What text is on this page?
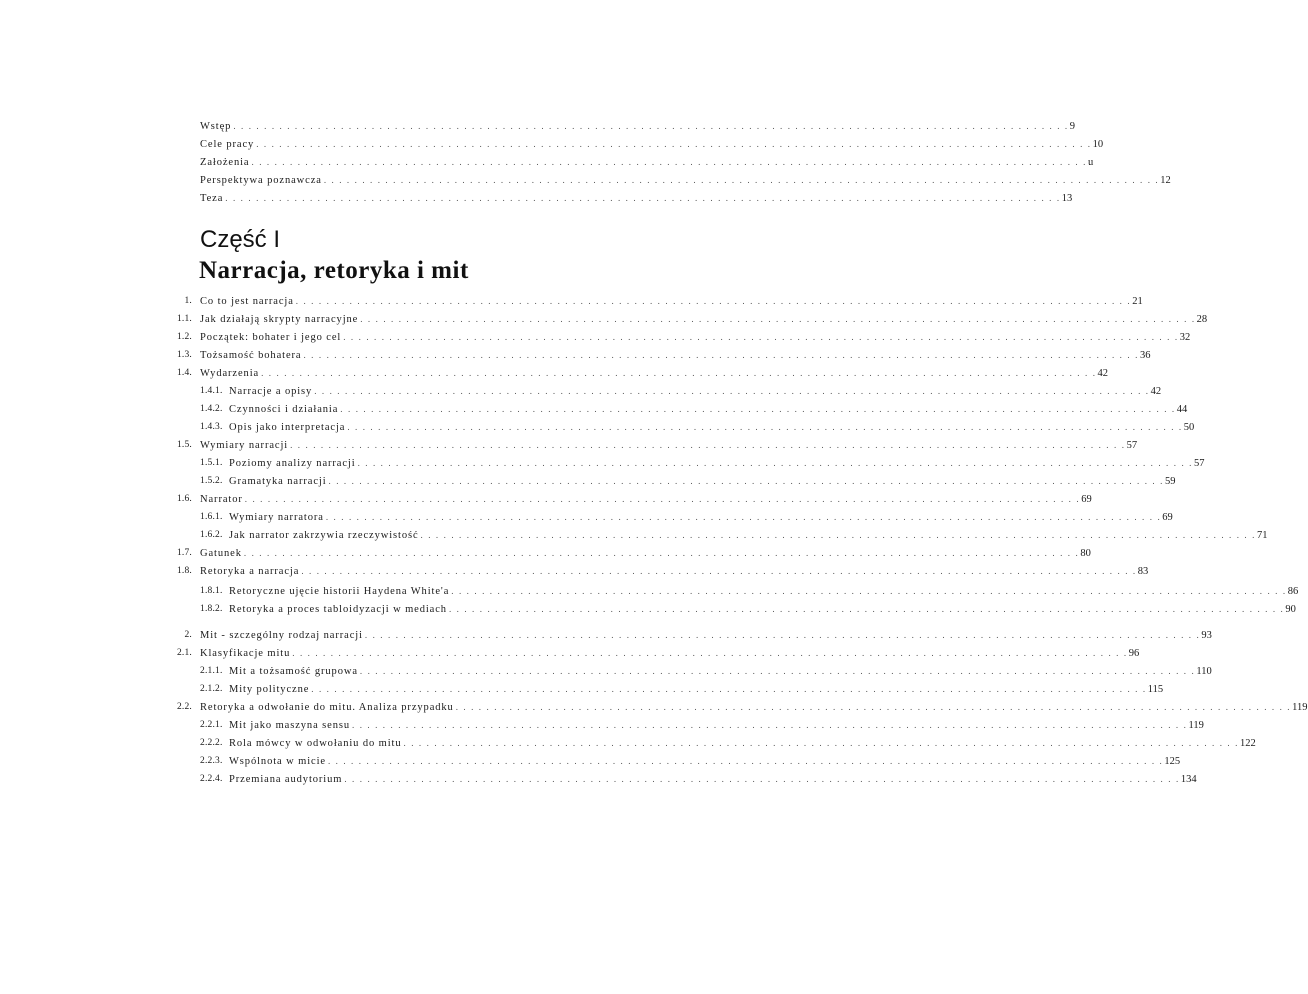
Wstęp . . . . . . . . . . . . . . . . . . . . . . . . . . . . . . . . . . . . . . . . . . . . . . . . . . . . . . . . . . . . . . . . . . . . . . . . . . . . . . . . . . . . . . . . . . . . . . . . . . . . . . . . . . . . . 9
Cele pracy . . . . . . . . . . . . . . . . . . . . . . . . . . . . . . . . . . . . . . . . . . . . . . . . . . . . . . . . . . . . . . . . . . . . . . . . . . . . . . . . . . . . . . . . . . . . . . . . . . . . . . . . . . . . . 10
Założenia . . . . . . . . . . . . . . . . . . . . . . . . . . . . . . . . . . . . . . . . . . . . . . . . . . . . . . . . . . . . . . . . . . . . . . . . . . . . . . . . . . . . . . . . . . . . . . . . . . . . . . . . . . . . . u
Perspektywa poznawcza . . . . . . . . . . . . . . . . . . . . . . . . . . . . . . . . . . . . . . . . . . . . . . . . . . . . . . . . . . . . . . . . . . . . . . . . . . . . . . . . . . . . . . . . . . . . . . . . . . . . . . . . . . . . . 12
Teza . . . . . . . . . . . . . . . . . . . . . . . . . . . . . . . . . . . . . . . . . . . . . . . . . . . . . . . . . . . . . . . . . . . . . . . . . . . . . . . . . . . . . . . . . . . . . . . . . . . . . . . . . . . . . 13
Część I
Narracja, retoryka i mit
1. Co to jest narracja . . . . . . . . . . . . . . . . . . . . . . . . . . . . . . . . . . . . . . . . . . . . . . . . . . . . . . . . . . . . . . . . . . . . . . . . . . . . . . . . . . . . . . . . . . . . . . . . . . . . . . . . . . . . . 21
1.1. Jak działają skrypty narracyjne . . . . . . . . . . . . . . . . . . . . . . . . . . . . . . . . . . . . . . . . . . . . . . . . . . . . . . . . . . . . . . . . . . . . . . . . . . . . . . . . . . . . . . . . . . . . . . . . . . . . . . . . . . . . . 28
1.2. Początek: bohater i jego cel . . . . . . . . . . . . . . . . . . . . . . . . . . . . . . . . . . . . . . . . . . . . . . . . . . . . . . . . . . . . . . . . . . . . . . . . . . . . . . . . . . . . . . . . . . . . . . . . . . . . . . . . . . . . . 32
1.3. Tożsamość bohatera . . . . . . . . . . . . . . . . . . . . . . . . . . . . . . . . . . . . . . . . . . . . . . . . . . . . . . . . . . . . . . . . . . . . . . . . . . . . . . . . . . . . . . . . . . . . . . . . . . . . . . . . . . . . . 36
1.4. Wydarzenia . . . . . . . . . . . . . . . . . . . . . . . . . . . . . . . . . . . . . . . . . . . . . . . . . . . . . . . . . . . . . . . . . . . . . . . . . . . . . . . . . . . . . . . . . . . . . . . . . . . . . . . . . . . . . 42
1.4.1. Narracje a opisy . . . . . . . . . . . . . . . . . . . . . . . . . . . . . . . . . . . . . . . . . . . . . . . . . . . . . . . . . . . . . . . . . . . . . . . . . . . . . . . . . . . . . . . . . . . . . . . . . . . . . . . . . . . . . 42
1.4.2. Czynności i działania . . . . . . . . . . . . . . . . . . . . . . . . . . . . . . . . . . . . . . . . . . . . . . . . . . . . . . . . . . . . . . . . . . . . . . . . . . . . . . . . . . . . . . . . . . . . . . . . . . . . . . . . . . . . . 44
1.4.3. Opis jako interpretacja . . . . . . . . . . . . . . . . . . . . . . . . . . . . . . . . . . . . . . . . . . . . . . . . . . . . . . . . . . . . . . . . . . . . . . . . . . . . . . . . . . . . . . . . . . . . . . . . . . . . . . . . . . . . . 50
1.5. Wymiary narracji . . . . . . . . . . . . . . . . . . . . . . . . . . . . . . . . . . . . . . . . . . . . . . . . . . . . . . . . . . . . . . . . . . . . . . . . . . . . . . . . . . . . . . . . . . . . . . . . . . . . . . . . . . . . . 57
1.5.1. Poziomy analizy narracji . . . . . . . . . . . . . . . . . . . . . . . . . . . . . . . . . . . . . . . . . . . . . . . . . . . . . . . . . . . . . . . . . . . . . . . . . . . . . . . . . . . . . . . . . . . . . . . . . . . . . . . . . . . . . 57
1.5.2. Gramatyka narracji . . . . . . . . . . . . . . . . . . . . . . . . . . . . . . . . . . . . . . . . . . . . . . . . . . . . . . . . . . . . . . . . . . . . . . . . . . . . . . . . . . . . . . . . . . . . . . . . . . . . . . . . . . . . . 59
1.6. Narrator . . . . . . . . . . . . . . . . . . . . . . . . . . . . . . . . . . . . . . . . . . . . . . . . . . . . . . . . . . . . . . . . . . . . . . . . . . . . . . . . . . . . . . . . . . . . . . . . . . . . . . . . . . . . . 69
1.6.1. Wymiary narratora . . . . . . . . . . . . . . . . . . . . . . . . . . . . . . . . . . . . . . . . . . . . . . . . . . . . . . . . . . . . . . . . . . . . . . . . . . . . . . . . . . . . . . . . . . . . . . . . . . . . . . . . . . . . . 69
1.6.2. Jak narrator zakrzywia rzeczywistość . . . . . . . . . . . . . . . . . . . . . . . . . . . . . . . . . . . . . . . . . . . . . . . . . . . . . . . . . . . . . . . . . . . . . . . . . . . . . . . . . . . . . . . . . . . . . . . . . . . . . . . . . . . . . 71
1.7. Gatunek . . . . . . . . . . . . . . . . . . . . . . . . . . . . . . . . . . . . . . . . . . . . . . . . . . . . . . . . . . . . . . . . . . . . . . . . . . . . . . . . . . . . . . . . . . . . . . . . . . . . . . . . . . . . . 80
1.8. Retoryka a narracja . . . . . . . . . . . . . . . . . . . . . . . . . . . . . . . . . . . . . . . . . . . . . . . . . . . . . . . . . . . . . . . . . . . . . . . . . . . . . . . . . . . . . . . . . . . . . . . . . . . . . . . . . . . . . 83
1.8.1. Retoryczne ujęcie historii Haydena White'a . . . . . . . . . . . . . . . . . . . . . . . . . . . . . . . . . . . . . . . . . . . . . . . . . . . . . . . . . . . . . . . . . . . . . . . . . . . . . . . . . . . . . . . . . . . . . . . . . . . . . . . . . . . . . 86
1.8.2. Retoryka a proces tabloidyzacji w mediach . . . . . . . . . . . . . . . . . . . . . . . . . . . . . . . . . . . . . . . . . . . . . . . . . . . . . . . . . . . . . . . . . . . . . . . . . . . . . . . . . . . . . . . . . . . . . . . . . . . . . . . . . . . . . 90
2. Mit - szczególny rodzaj narracji . . . . . . . . . . . . . . . . . . . . . . . . . . . . . . . . . . . . . . . . . . . . . . . . . . . . . . . . . . . . . . . . . . . . . . . . . . . . . . . . . . . . . . . . . . . . . . . . . . . . . . . . . . . . . 93
2.1. Klasyfikacje mitu . . . . . . . . . . . . . . . . . . . . . . . . . . . . . . . . . . . . . . . . . . . . . . . . . . . . . . . . . . . . . . . . . . . . . . . . . . . . . . . . . . . . . . . . . . . . . . . . . . . . . . . . . . . . . 96
2.1.1. Mit a tożsamość grupowa . . . . . . . . . . . . . . . . . . . . . . . . . . . . . . . . . . . . . . . . . . . . . . . . . . . . . . . . . . . . . . . . . . . . . . . . . . . . . . . . . . . . . . . . . . . . . . . . . . . . . . . . . . . . . 110
2.1.2. Mity polityczne . . . . . . . . . . . . . . . . . . . . . . . . . . . . . . . . . . . . . . . . . . . . . . . . . . . . . . . . . . . . . . . . . . . . . . . . . . . . . . . . . . . . . . . . . . . . . . . . . . . . . . . . . . . . . 115
2.2. Retoryka a odwołanie do mitu. Analiza przypadku . . . . . . . . . . . . . . . . . . . . . . . . . . . . . . . . . . . . . . . . . . . . . . . . . . . . . . . . . . . . . . . . . . . . . . . . . . . . . . . . . . . . . . . . . . . . . . . . . . . . . . . . . . . . . 119
2.2.1. Mit jako maszyna sensu . . . . . . . . . . . . . . . . . . . . . . . . . . . . . . . . . . . . . . . . . . . . . . . . . . . . . . . . . . . . . . . . . . . . . . . . . . . . . . . . . . . . . . . . . . . . . . . . . . . . . . . . . . . . . 119
2.2.2. Rola mówcy w odwołaniu do mitu . . . . . . . . . . . . . . . . . . . . . . . . . . . . . . . . . . . . . . . . . . . . . . . . . . . . . . . . . . . . . . . . . . . . . . . . . . . . . . . . . . . . . . . . . . . . . . . . . . . . . . . . . . . . . 122
2.2.3. Wspólnota w micie . . . . . . . . . . . . . . . . . . . . . . . . . . . . . . . . . . . . . . . . . . . . . . . . . . . . . . . . . . . . . . . . . . . . . . . . . . . . . . . . . . . . . . . . . . . . . . . . . . . . . . . . . . . . . 125
2.2.4. Przemiana audytorium . . . . . . . . . . . . . . . . . . . . . . . . . . . . . . . . . . . . . . . . . . . . . . . . . . . . . . . . . . . . . . . . . . . . . . . . . . . . . . . . . . . . . . . . . . . . . . . . . . . . . . . . . . . . . 134
